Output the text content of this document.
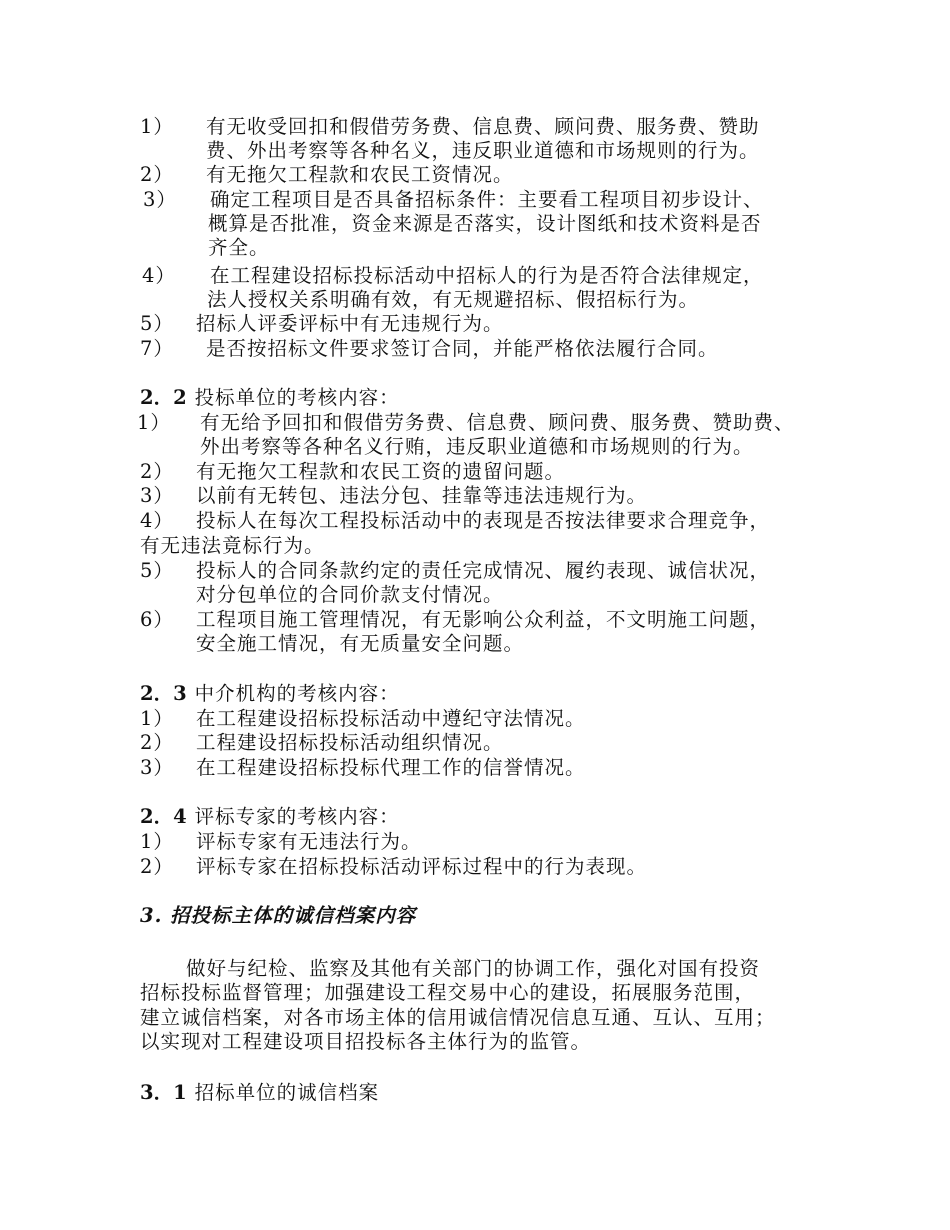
1） 有无收受回扣和假借劳务费、信息费、顾问费、服务费、赞助
费、外出考察等各种名义，违反职业道德和市场规则的行为。
2） 有无拖欠工程款和农民工资情况。
3） 确定工程项目是否具备招标条件：主要看工程项目初步设计、
概算是否批准，资金来源是否落实，设计图纸和技术资料是否
齐全。
4） 在工程建设招标投标活动中招标人的行为是否符合法律规定，
法人授权关系明确有效，有无规避招标、假招标行为。
5） 招标人评委评标中有无违规行为。
7） 是否按招标文件要求签订合同，并能严格依法履行合同。
2．2 投标单位的考核内容：
1） 有无给予回扣和假借劳务费、信息费、顾问费、服务费、赞助费、
外出考察等各种名义行贿，违反职业道德和市场规则的行为。
2） 有无拖欠工程款和农民工资的遗留问题。
3） 以前有无转包、违法分包、挂靠等违法违规行为。
4） 投标人在每次工程投标活动中的表现是否按法律要求合理竞争，
有无违法竟标行为。
5） 投标人的合同条款约定的责任完成情况、履约表现、诚信状况，
对分包单位的合同价款支付情况。
6） 工程项目施工管理情况，有无影响公众利益，不文明施工问题，
安全施工情况，有无质量安全问题。
2．3 中介机构的考核内容：
1） 在工程建设招标投标活动中遵纪守法情况。
2） 工程建设招标投标活动组织情况。
3） 在工程建设招标投标代理工作的信誉情况。
2．4 评标专家的考核内容：
1） 评标专家有无违法行为。
2） 评标专家在招标投标活动评标过程中的行为表现。
3. 招投标主体的诚信档案内容
做好与纪检、监察及其他有关部门的协调工作，强化对国有投资
招标投标监督管理；加强建设工程交易中心的建设，拓展服务范围，
建立诚信档案，对各市场主体的信用诚信情况信息互通、互认、互用；
以实现对工程建设项目招投标各主体行为的监管。
3．1 招标单位的诚信档案
